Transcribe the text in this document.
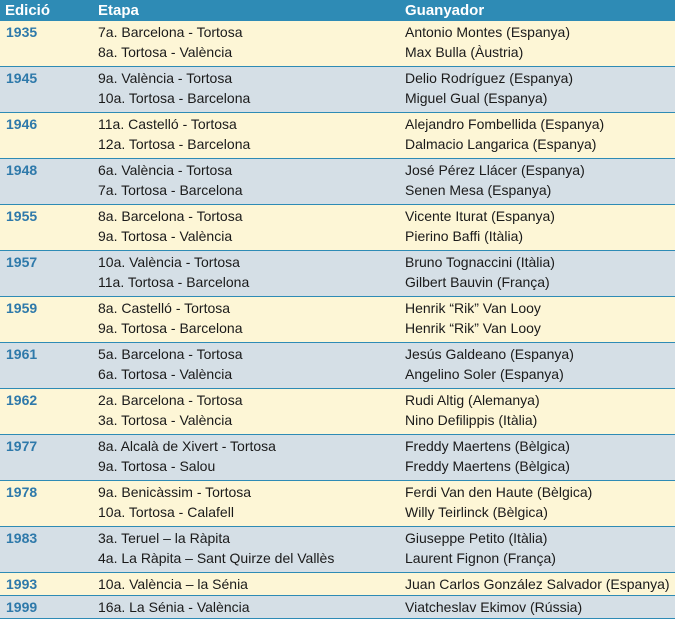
Edició	Etapa	Guanyador
1935	7a. Barcelona - Tortosa	Antonio Montes (Espanya)
8a. Tortosa - València	Max Bulla (Àustria)
1945	9a. València - Tortosa	Delio Rodríguez (Espanya)
10a. Tortosa - Barcelona	Miguel Gual (Espanya)
1946	11a. Castelló - Tortosa	Alejandro Fombellida (Espanya)
12a. Tortosa - Barcelona	Dalmacio Langarica (Espanya)
1948	6a. València - Tortosa	José Pérez Llácer (Espanya)
7a. Tortosa - Barcelona	Senen Mesa (Espanya)
1955	8a. Barcelona - Tortosa	Vicente Iturat (Espanya)
9a. Tortosa - València	Pierino Baffi (Itàlia)
1957	10a. València - Tortosa	Bruno Tognaccini (Itàlia)
11a. Tortosa - Barcelona	Gilbert Bauvin (França)
1959	8a. Castelló - Tortosa	Henrik “Rik” Van Looy
9a. Tortosa - Barcelona	Henrik “Rik” Van Looy
1961	5a. Barcelona - Tortosa	Jesús Galdeano (Espanya)
6a. Tortosa - València	Angelino Soler (Espanya)
1962	2a. Barcelona - Tortosa	Rudi Altig (Alemanya)
3a. Tortosa - València	Nino Defilippis (Itàlia)
1977	8a. Alcalà de Xivert - Tortosa	Freddy Maertens (Bèlgica)
9a. Tortosa - Salou	Freddy Maertens (Bèlgica)
1978	9a. Benicàssim - Tortosa	Ferdi Van den Haute (Bèlgica)
10a. Tortosa - Calafell	Willy Teirlinck (Bèlgica)
1983	3a. Teruel – la Ràpita	Giuseppe Petito (Itàlia)
4a. La Ràpita – Sant Quirze del Vallès	Laurent Fignon (França)
1993	10a. València – la Sénia	Juan Carlos González Salvador (Espanya)
1999	16a. La Sénia - València	Viatcheslav Ekimov (Rússia)
